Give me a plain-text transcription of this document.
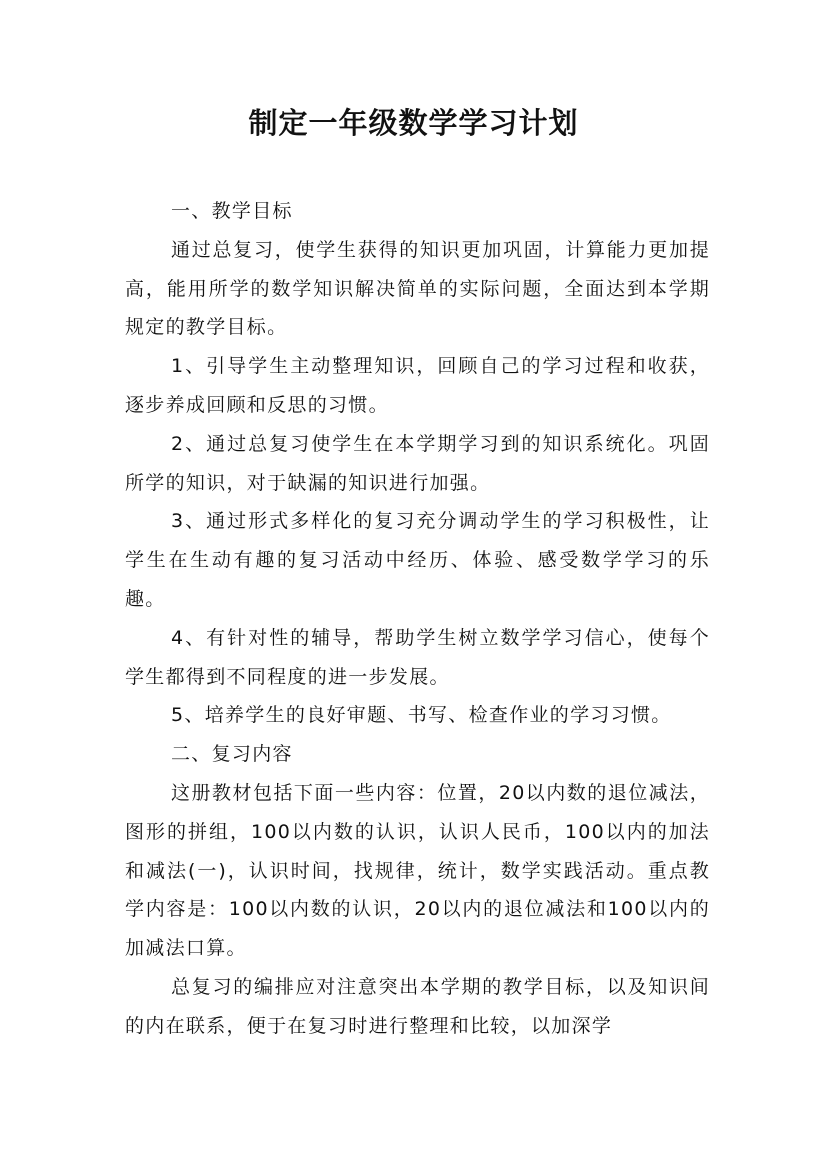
制定一年级数学学习计划

一、教学目标

通过总复习，使学生获得的知识更加巩固，计算能力更加提高，能用所学的数学知识解决简单的实际问题，全面达到本学期规定的教学目标。

1、引导学生主动整理知识，回顾自己的学习过程和收获，逐步养成回顾和反思的习惯。

2、通过总复习使学生在本学期学习到的知识系统化。巩固所学的知识，对于缺漏的知识进行加强。

3、通过形式多样化的复习充分调动学生的学习积极性，让学生在生动有趣的复习活动中经历、体验、感受数学学习的乐趣。

4、有针对性的辅导，帮助学生树立数学学习信心，使每个学生都得到不同程度的进一步发展。

5、培养学生的良好审题、书写、检查作业的学习习惯。

二、复习内容

这册教材包括下面一些内容：位置，20以内数的退位减法，图形的拼组，100以内数的认识，认识人民币，100以内的加法和减法(一)，认识时间，找规律，统计，数学实践活动。重点教学内容是：100以内数的认识，20以内的退位减法和100以内的加减法口算。

总复习的编排应对注意突出本学期的教学目标，以及知识间的内在联系，便于在复习时进行整理和比较，以加深学
